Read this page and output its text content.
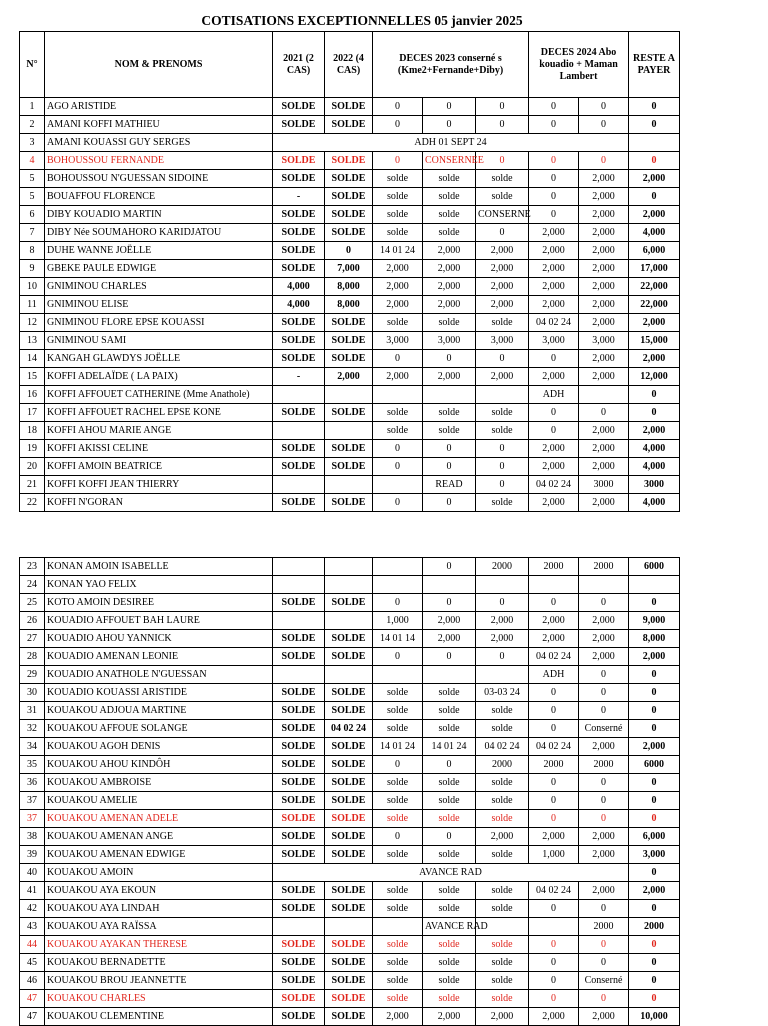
COTISATIONS EXCEPTIONNELLES 05 janvier 2025
N°	NOM & PRENOMS	2021 (2 CAS)	2022 (4 CAS)	DECES 2023 conserné s (Kme2+Fernande+Diby)			DECES 2024 Abo kouadio + Maman Lambert		RESTE A PAYER
1	AGO ARISTIDE	SOLDE	SOLDE	0	0	0	0	0	0
2	AMANI KOFFI MATHIEU	SOLDE	SOLDE	0	0	0	0	0	0
3	AMANI KOUASSI GUY SERGES	ADH 01 SEPT 24							
4	BOHOUSSOU FERNANDE	SOLDE	SOLDE	0	CONSERNEE	0	0	0	0
5	BOHOUSSOU N'GUESSAN SIDOINE	SOLDE	SOLDE	solde	solde	solde	0	2,000	2,000
5	BOUAFFOU FLORENCE	-	SOLDE	solde	solde	solde	0	2,000	0
6	DIBY KOUADIO MARTIN	SOLDE	SOLDE	solde	solde	CONSERNE	0	2,000	2,000
7	DIBY Née SOUMAHORO KARIDJATOU	SOLDE	SOLDE	solde	solde	0	2,000	2,000	4,000
8	DUHE WANNE JOËLLE	SOLDE	0	14 01 24	2,000	2,000	2,000	2,000	6,000
9	GBEKE PAULE EDWIGE	SOLDE	7,000	2,000	2,000	2,000	2,000	2,000	17,000
10	GNIMINOU CHARLES	4,000	8,000	2,000	2,000	2,000	2,000	2,000	22,000
11	GNIMINOU ELISE	4,000	8,000	2,000	2,000	2,000	2,000	2,000	22,000
12	GNIMINOU FLORE EPSE KOUASSI	SOLDE	SOLDE	solde	solde	solde	04 02 24	2,000	2,000
13	GNIMINOU SAMI	SOLDE	SOLDE	3,000	3,000	3,000	3,000	3,000	15,000
14	KANGAH GLAWDYS JOËLLE	SOLDE	SOLDE	0	0	0	0	2,000	2,000
15	KOFFI ADELAÏDE ( LA PAIX)	-	2,000	2,000	2,000	2,000	2,000	2,000	12,000
16	KOFFI AFFOUET CATHERINE (Mme Anathole)						ADH		0
17	KOFFI AFFOUET RACHEL EPSE KONE	SOLDE	SOLDE	solde	solde	solde	0	0	0
18	KOFFI AHOU MARIE ANGE			solde	solde	solde	0	2,000	2,000
19	KOFFI AKISSI CELINE	SOLDE	SOLDE	0	0	0	2,000	2,000	4,000
20	KOFFI AMOIN BEATRICE	SOLDE	SOLDE	0	0	0	2,000	2,000	4,000
21	KOFFI KOFFI JEAN THIERRY				READ	0	04 02 24	3000	3000
22	KOFFI N'GORAN	SOLDE	SOLDE	0	0	solde	2,000	2,000	4,000
23	KONAN AMOIN ISABELLE				0	2000	2000	2000	6000
24	KONAN YAO FELIX								
25	KOTO AMOIN DESIREE	SOLDE	SOLDE	0	0	0	0	0	0
26	KOUADIO AFFOUET BAH LAURE			1,000	2,000	2,000	2,000	2,000	9,000
27	KOUADIO AHOU YANNICK	SOLDE	SOLDE	14 01 14	2,000	2,000	2,000	2,000	8,000
28	KOUADIO AMENAN LEONIE	SOLDE	SOLDE	0	0	0	04 02 24	2,000	2,000
29	KOUADIO ANATHOLE N'GUESSAN						ADH	0	0
30	KOUADIO KOUASSI ARISTIDE	SOLDE	SOLDE	solde	solde	03-03 24	0	0	0
31	KOUAKOU ADJOUA MARTINE	SOLDE	SOLDE	solde	solde	solde	0	0	0
32	KOUAKOU AFFOUE SOLANGE	SOLDE	04 02 24	solde	solde	solde	0	Conserné	0
34	KOUAKOU AGOH DENIS	SOLDE	SOLDE	14 01 24	14 01 24	04 02 24	04 02 24	2,000	2,000
35	KOUAKOU AHOU KINDÔH	SOLDE	SOLDE	0	0	2000	2000	2000	6000
36	KOUAKOU AMBROISE	SOLDE	SOLDE	solde	solde	solde	0	0	0
37	KOUAKOU AMELIE	SOLDE	SOLDE	solde	solde	solde	0	0	0
37	KOUAKOU AMENAN ADELE	SOLDE	SOLDE	solde	solde	solde	0	0	0
38	KOUAKOU AMENAN ANGE	SOLDE	SOLDE	0	0	2,000	2,000	2,000	6,000
39	KOUAKOU AMENAN EDWIGE	SOLDE	SOLDE	solde	solde	solde	1,000	2,000	3,000
40	KOUAKOU AMOIN	AVANCE RAD							0
41	KOUAKOU AYA EKOUN	SOLDE	SOLDE	solde	solde	solde	04 02 24	2,000	2,000
42	KOUAKOU AYA LINDAH	SOLDE	SOLDE	solde	solde	solde	0	0	0
43	KOUAKOU AYA RAÏSSA				AVANCE RAD			2000	2000
44	KOUAKOU AYAKAN THERESE	SOLDE	SOLDE	solde	solde	solde	0	0	0
45	KOUAKOU BERNADETTE	SOLDE	SOLDE	solde	solde	solde	0	0	0
46	KOUAKOU BROU JEANNETTE	SOLDE	SOLDE	solde	solde	solde	0	Conserné	0
47	KOUAKOU CHARLES	SOLDE	SOLDE	solde	solde	solde	0	0	0
47	KOUAKOU CLEMENTINE	SOLDE	SOLDE	2,000	2,000	2,000	2,000	2,000	10,000
